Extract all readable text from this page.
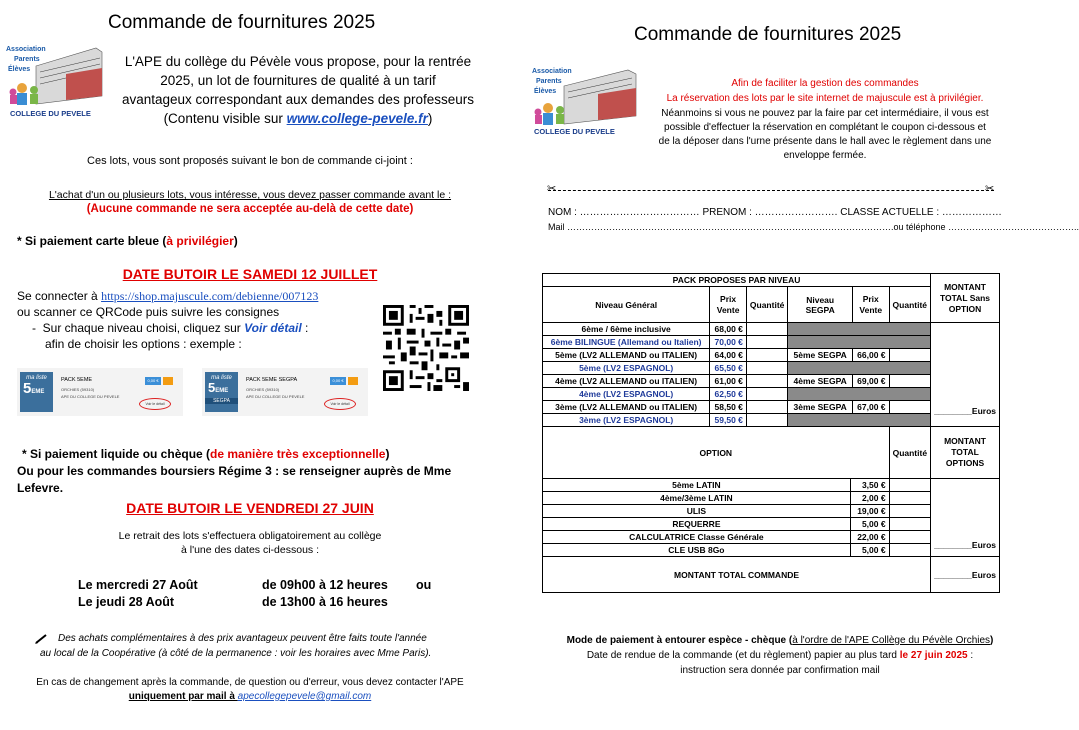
Commande de fournitures 2025
Association
Parents
Élèves
COLLEGE DU PEVELE
L'APE du collège du Pévèle vous propose, pour la rentrée
2025, un lot de fournitures de qualité à un tarif
avantageux correspondant aux demandes des professeurs
(Contenu visible sur www.college-pevele.fr)
Ces lots, vous sont proposés suivant le bon de commande ci-joint :
L'achat d'un ou plusieurs lots, vous intéresse, vous devez passer commande avant le :
(Aucune commande ne sera acceptée au-delà de cette date)
* Si paiement carte bleue (à privilégier)
DATE BUTOIR LE SAMEDI 12 JUILLET
Se connecter à https://shop.majuscule.com/debienne/007123
ou scanner ce QRCode puis suivre les consignes
-  Sur chaque niveau choisi, cliquez sur Voir détail :
afin de choisir les options : exemple :
ma liste
5EME
PACK 5EME
ORCHIES (59310)
APE DU COLLEGE DU PEVELE
0,00 €
Voir le détail
ma liste
5EME
SEGPA
PACK 5EME SEGPA
ORCHIES (59310)
APE DU COLLEGE DU PEVELE
0,00 €
Voir le détail
* Si paiement liquide ou chèque (de manière très exceptionnelle)
Ou pour les commandes boursiers Régime 3 : se renseigner auprès de Mme
Lefevre.
DATE BUTOIR LE VENDREDI 27 JUIN
Le retrait des lots s'effectuera obligatoirement au collège
à l'une des dates ci-dessous :
Le mercredi 27 Août	de 09h00 à 12 heures ou
Le jeudi 28 Août	de 13h00 à 16 heures
Des achats complémentaires à des prix avantageux peuvent être faits toute l'année
au local de la Coopérative (à côté de la permanence : voir les horaires avec Mme Paris).
En cas de changement après la commande, de question ou d'erreur, vous devez contacter l'APE
uniquement par mail à apecollegepevele@gmail.com
Commande de fournitures 2025
Association
Parents
Élèves
COLLEGE DU PEVELE
Afin de faciliter la gestion des commandes
La réservation des lots par le site internet de majuscule est à privilégier.
Néanmoins si vous ne pouvez par la faire par cet intermédiaire, il vous est
possible d'effectuer la réservation en complétant le coupon ci-dessous et
de la déposer dans l'urne présente dans le hall avec le règlement dans une
enveloppe fermée.
✂	✂
NOM : ……………………………… PRENOM : ……………………. CLASSE ACTUELLE : ………………
Mail ……………………………………………………………………………………………….ou téléphone ……………………………………..
PACK PROPOSES PAR NIVEAU						MONTANT TOTAL Sans OPTION
Niveau Général	Prix Vente	Quantité	Niveau SEGPA	Prix Vente	Quantité	
6ème / 6ème inclusive	68,00 €					________Euros
6ème BILINGUE (Allemand ou Italien)	70,00 €					
5ème (LV2 ALLEMAND ou ITALIEN)	64,00 €		5ème SEGPA	66,00 €		
5ème (LV2 ESPAGNOL)	65,50 €					
4ème (LV2 ALLEMAND ou ITALIEN)	61,00 €		4ème SEGPA	69,00 €		
4ème (LV2 ESPAGNOL)	62,50 €					
3ème (LV2 ALLEMAND ou ITALIEN)	58,50 €		3ème SEGPA	67,00 €		
3ème (LV2 ESPAGNOL)	59,50 €					
OPTION		Quantité	MONTANT TOTAL OPTIONS
5ème LATIN	3,50 €		________Euros
4ème/3ème LATIN	2,00 €		
ULIS	19,00 €		
REQUERRE	5,00 €		
CALCULATRICE Classe Générale	22,00 €		
CLE USB 8Go	5,00 €		
MONTANT TOTAL COMMANDE			________Euros
Mode de paiement à entourer espèce - chèque (à l'ordre de l'APE Collège du Pévèle Orchies)
Date de rendue de la commande (et du règlement) papier au plus tard le 27 juin 2025 :
instruction sera donnée par confirmation mail
